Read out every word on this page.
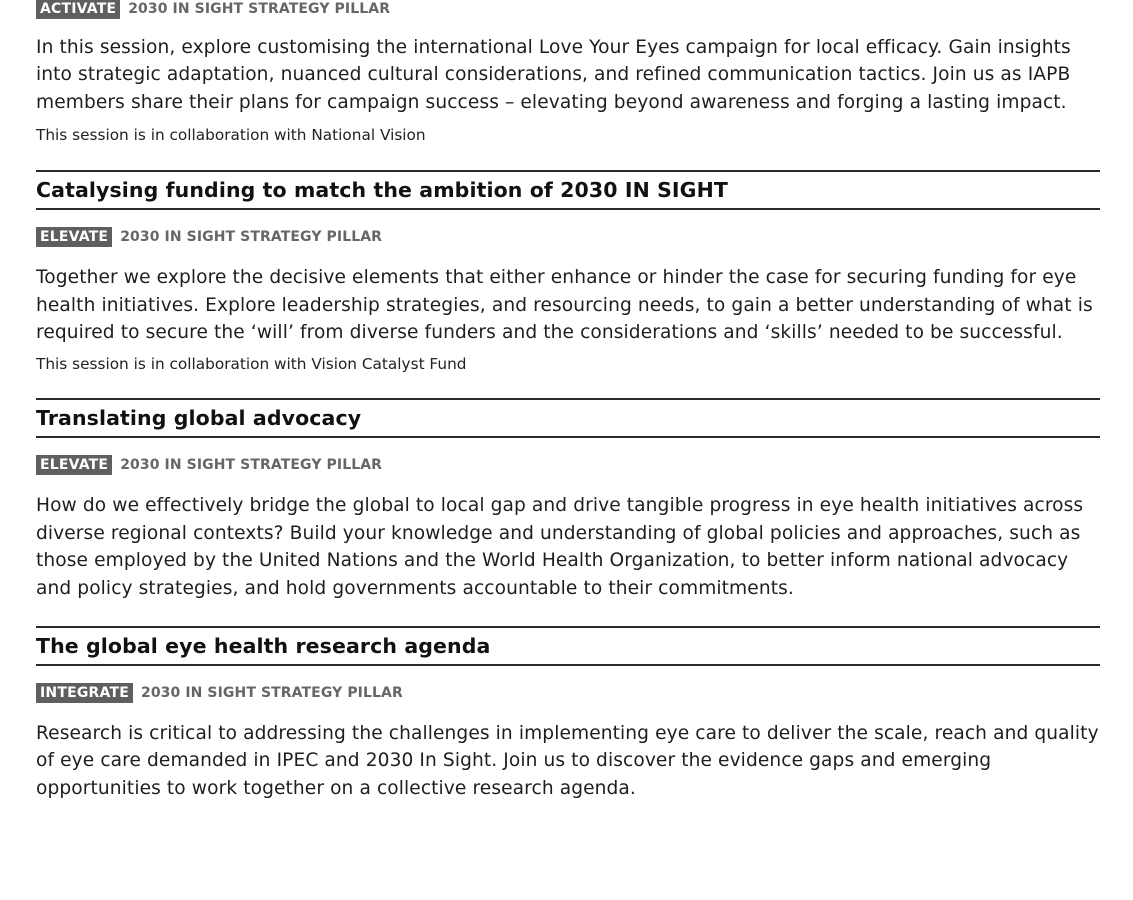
ACTIVATE 2030 IN SIGHT STRATEGY PILLAR

In this session, explore customising the international Love Your Eyes campaign for local efficacy. Gain insights into strategic adaptation, nuanced cultural considerations, and refined communication tactics. Join us as IAPB members share their plans for campaign success – elevating beyond awareness and forging a lasting impact.

This session is in collaboration with National Vision

Catalysing funding to match the ambition of 2030 IN SIGHT
ELEVATE 2030 IN SIGHT STRATEGY PILLAR

Together we explore the decisive elements that either enhance or hinder the case for securing funding for eye health initiatives. Explore leadership strategies, and resourcing needs, to gain a better understanding of what is required to secure the ‘will’ from diverse funders and the considerations and ‘skills’ needed to be successful.

This session is in collaboration with Vision Catalyst Fund

Translating global advocacy
ELEVATE 2030 IN SIGHT STRATEGY PILLAR

How do we effectively bridge the global to local gap and drive tangible progress in eye health initiatives across diverse regional contexts? Build your knowledge and understanding of global policies and approaches, such as those employed by the United Nations and the World Health Organization, to better inform national advocacy and policy strategies, and hold governments accountable to their commitments.

The global eye health research agenda
INTEGRATE 2030 IN SIGHT STRATEGY PILLAR

Research is critical to addressing the challenges in implementing eye care to deliver the scale, reach and quality of eye care demanded in IPEC and 2030 In Sight. Join us to discover the evidence gaps and emerging opportunities to work together on a collective research agenda.
